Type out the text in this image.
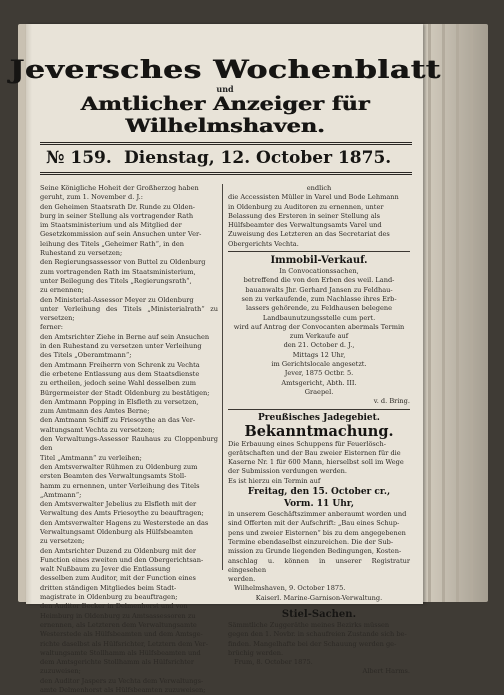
Jeversches Wochenblatt
und
Amtlicher Anzeiger für Wilhelmshaven.
№ 159. Dienstag, 12. October 1875.

Seine Königliche Hoheit der Großherzog haben

geruht, zum 1. November d. J.:

den Geheimen Staatsrath Dr. Runde zu Olden-

burg in seiner Stellung als vortragender Rath

im Staatsministerium und als Mitglied der

Gesetzkommission auf sein Ansuchen unter Ver-

leihung des Titels „Geheimer Rath“, in den

Ruhestand zu versetzen;

den Regierungsassessor von Buttel zu Oldenburg

zum vortragenden Rath im Staatsministerium,

unter Beilegung des Titels „Regierungsrath“,

zu ernennen;

den Ministerial-Assessor Meyer zu Oldenburg

unter Verleihung des Titels „Ministerialrath“ zu versetzen;

ferner:

den Amtsrichter Ziehe in Berne auf sein Ansuchen

in den Ruhestand zu versetzen unter Verleihung

des Titels „Oberamtmann“;

den Amtmann Freiherrn von Schrenk zu Vechta

die erbetene Entlassung aus dem Staatsdienste

zu ertheilen, jedoch seine Wahl desselben zum

Bürgermeister der Stadt Oldenburg zu bestätigen;

den Amtmann Popping in Elsfleth zu versetzen,

zum Amtmann des Amtes Berne;

den Amtmann Schiff zu Friesoythe an das Ver-

waltungsamt Vechta zu versetzen;

den Verwaltungs-Assessor Rauhaus zu Cloppenburg den

Titel „Amtmann“ zu verleihen;

den Amtsverwalter Rühmen zu Oldenburg zum

ersten Beamten des Verwaltungsamts Stoll-

hamm zu ernennen, unter Verleihung des Titels

„Amtmann“;

den Amtsverwalter Jebelius zu Elsfleth mit der

Verwaltung des Amts Friesoythe zu beauftragen;

den Amtsverwalter Hagens zu Westerstede an das

Verwaltungsamt Oldenburg als Hülfsbeamten

zu versetzen;

den Amtsrichter Duzend zu Oldenburg mit der

Function eines zweiten und den Obergerichtsan-

walt Nußbaum zu Jever die Entlassung

desselben zum Auditor, mit der Function eines

dritten ständigen Mitgliedes beim Stadt-

magistrate in Oldenburg zu beauftragen;

den Auditor Becker in Delmenhorst und von

Heimburg in Oldenburg zu Amtsassessoren zu

ernennen, als Letzteren dem Verwaltungsamte

Westerstede als Hülfsbeamten und dem Amtsge-

richte daselbst als Hülfsrichter, Letztern dem Ver-

waltungsamte Stollhamm als Hülfsbeamten und

dem Amtsgerichte Stollhamm als Hülfsrichter

zuzuweisen;

den Auditor Jaspers zu Vechta dem Verwaltungs-

amte Delmenhorst als Hülfsbeamten zuzuweisen;

endlich

die Accessisten Müller in Varel und Bode Lehmann

in Oldenburg zu Auditoren zu ernennen, unter

Belassung des Ersteren in seiner Stellung als

Hülfsbeamter des Verwaltungsamts Varel und

Zuweisung des Letzteren an das Secretariat des

Obergerichts Vechta.

Immobil-Verkauf.

In Convocationssachen,

betreffend die von den Erben des weil. Land-

bauanwalts Jhr. Gerhard Jansen zu Feldhau-

sen zu verkaufende, zum Nachlasse ihres Erb-

lassers gehörende, zu Feldhausen belegene

Landbaunutzungsstelle cum pert.

wird auf Antrag der Convocanten abermals Termin

zum Verkaufe auf

den 21. October d. J.,

Mittags 12 Uhr,

im Gerichtslocale angesetzt.

Jever, 1875 Octbr. 5.

Amtsgericht, Abth. III.

Graepel.

v. d. Bring.

Preußisches Jadegebiet.
Bekanntmachung.

Die Erbauung eines Schuppens für Feuerlösch-

gerätschaften und der Bau zweier Eisternen für die

Kaserne Nr. 1 für 600 Mann, hierselbst soll im Wege

der Submission verdungen werden.

Es ist hierzu ein Termin auf

Freitag, den 15. October cr.,
Vorm. 11 Uhr,

in unserem Geschäftszimmer anberaumt worden und

sind Offerten mit der Aufschrift: „Bau eines Schup-

pens und zweier Eisternen“ bis zu dem angegebenen

Termine ebendaselbst einzureichen. Die der Sub-

mission zu Grunde liegenden Bedingungen, Kosten-

anschlag u. können in unserer Registratur eingesehen

werden.

Wilhelmshaven, 9. October 1875.

Kaiserl. Marine-Garnison-Verwaltung.

Stiel-Sachen.

Sämmtliche Zuggeräthe meines Bezirks müssen

gegen den 1. Novbr. in schaufreien Zustande sich be-

finden. Mangelhafte bei der Schauung werden ge-

brüchig werden.

Frum, 8. October 1875.

Albert Harms.
